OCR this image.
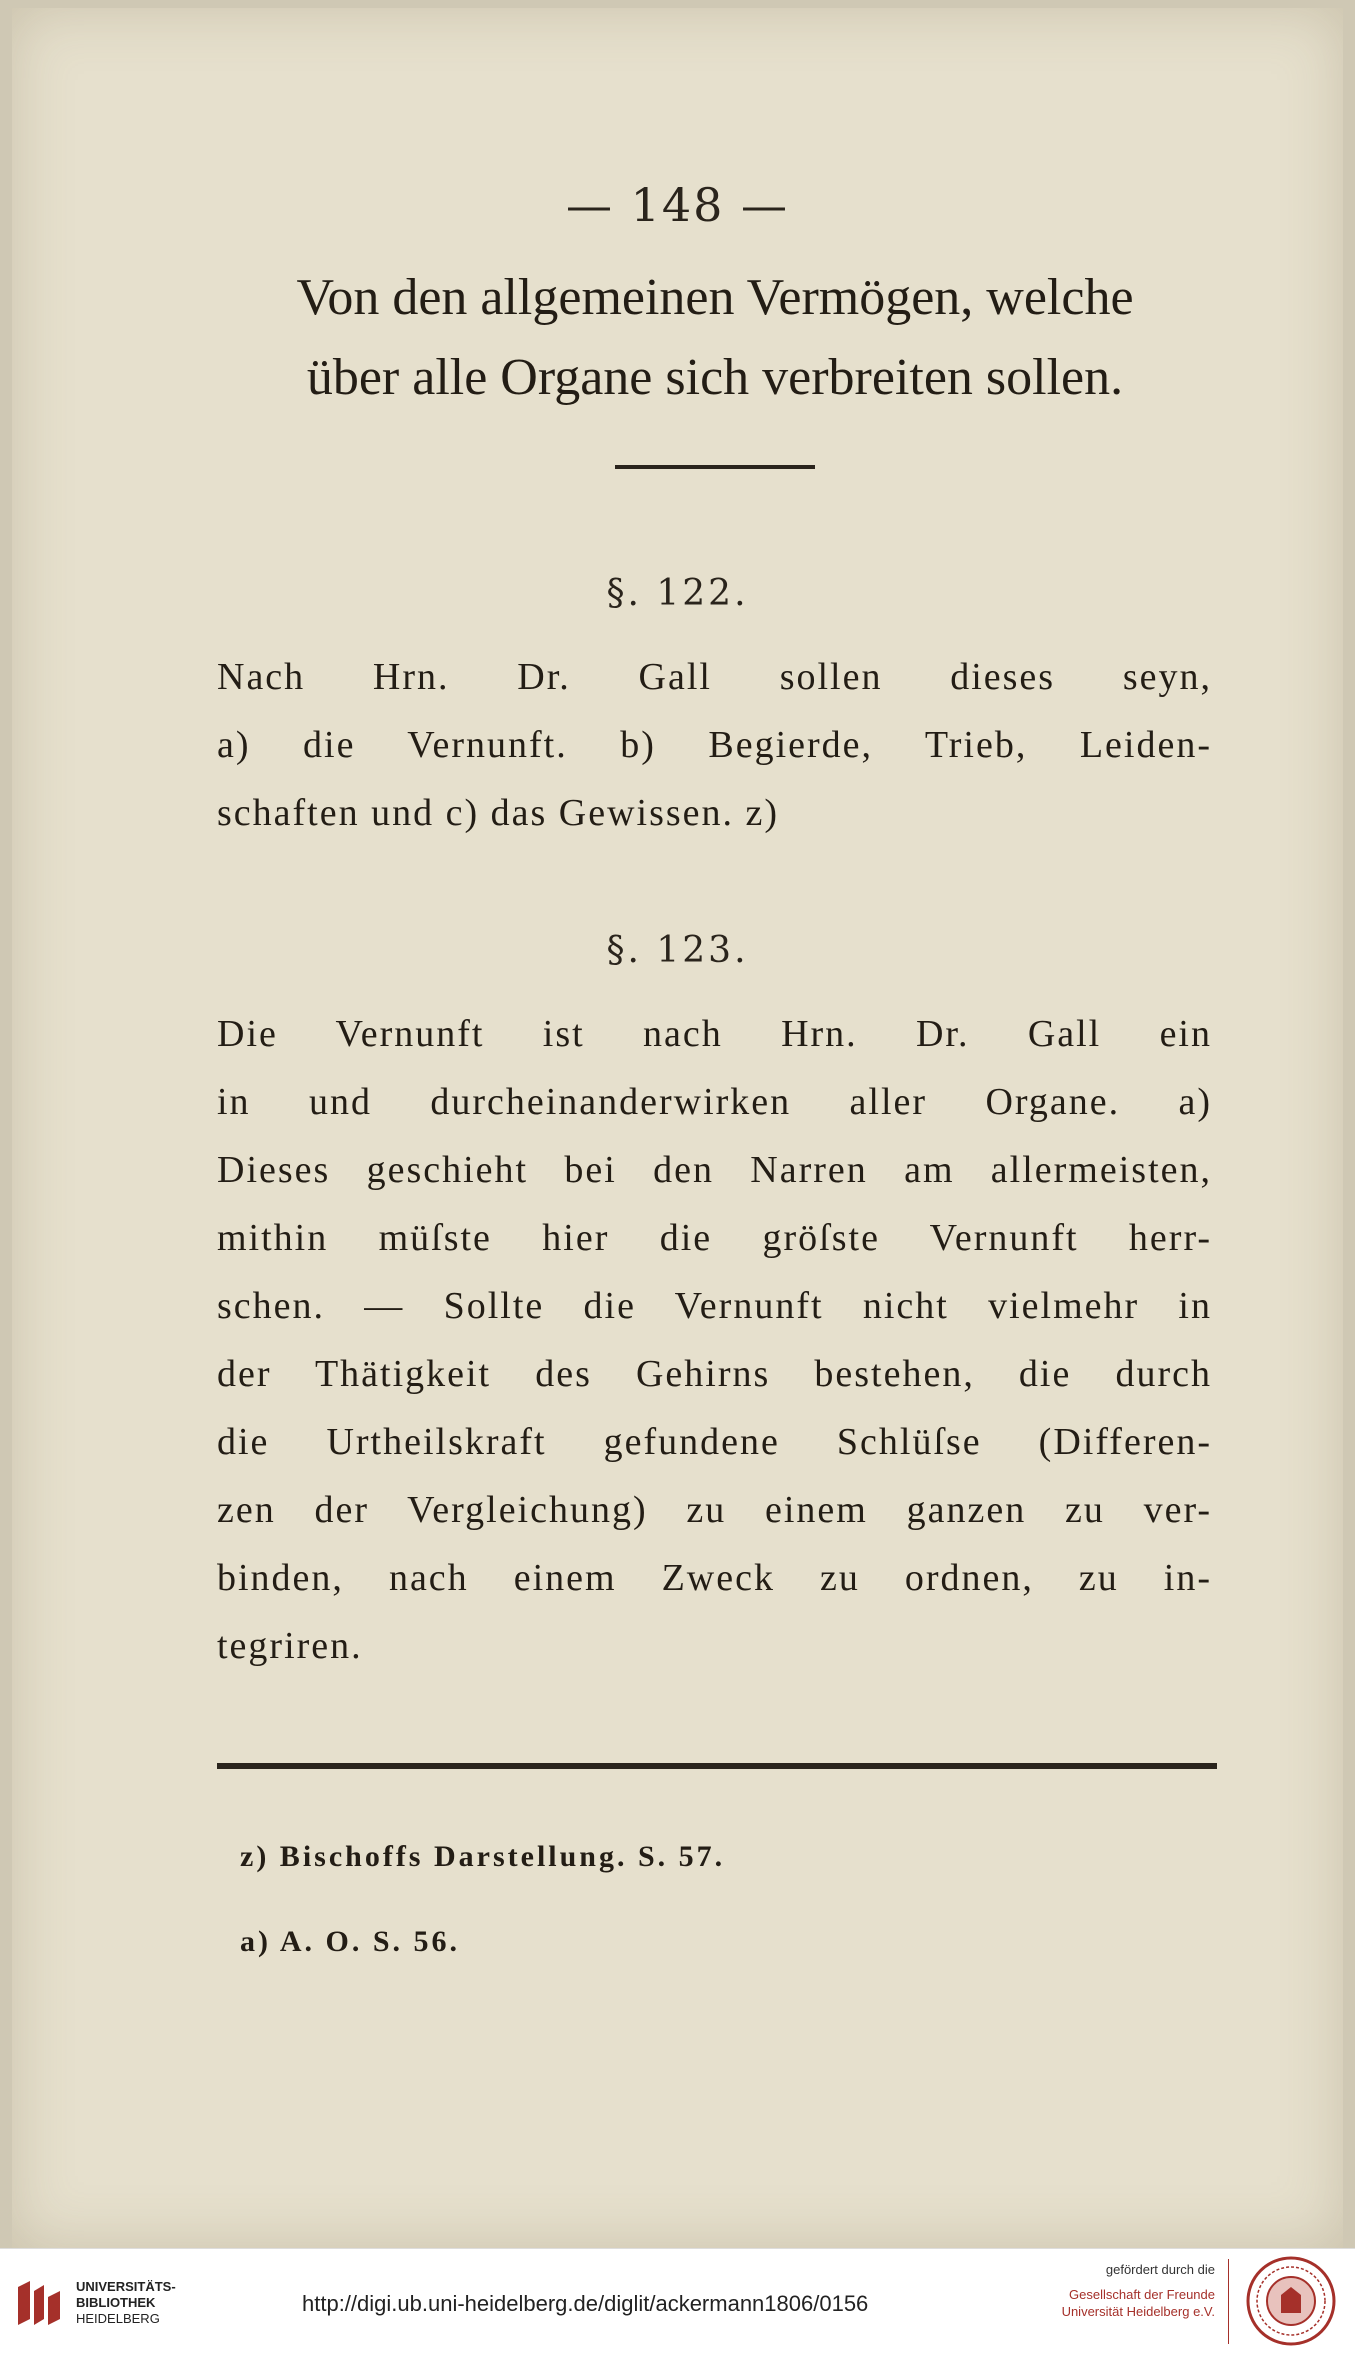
— 148 —
Von den allgemeinen Vermögen, welche
über alle Organe sich verbreiten sollen.
§. 122.
Nach Hrn. Dr. Gall sollen dieses seyn,
a) die Vernunft. b) Begierde, Trieb, Leiden-
schaften und c) das Gewissen. z)
§. 123.
Die Vernunft ist nach Hrn. Dr. Gall ein
in und durcheinanderwirken aller Organe. a)
Dieses geschieht bei den Narren am allermeisten,
mithin müſste hier die gröſste Vernunft herr-
schen. — Sollte die Vernunft nicht vielmehr in
der Thätigkeit des Gehirns bestehen, die durch
die Urtheilskraft gefundene Schlüſse (Differen-
zen der Vergleichung) zu einem ganzen zu ver-
binden, nach einem Zweck zu ordnen, zu in-
tegriren.
z) Bischoffs Darstellung. S. 57.
a) A. O. S. 56.
UNIVERSITÄTS-
BIBLIOTHEK
HEIDELBERG
http://digi.ub.uni-heidelberg.de/diglit/ackermann1806/0156
gefördert durch die
Gesellschaft der Freunde
Universität Heidelberg e.V.
